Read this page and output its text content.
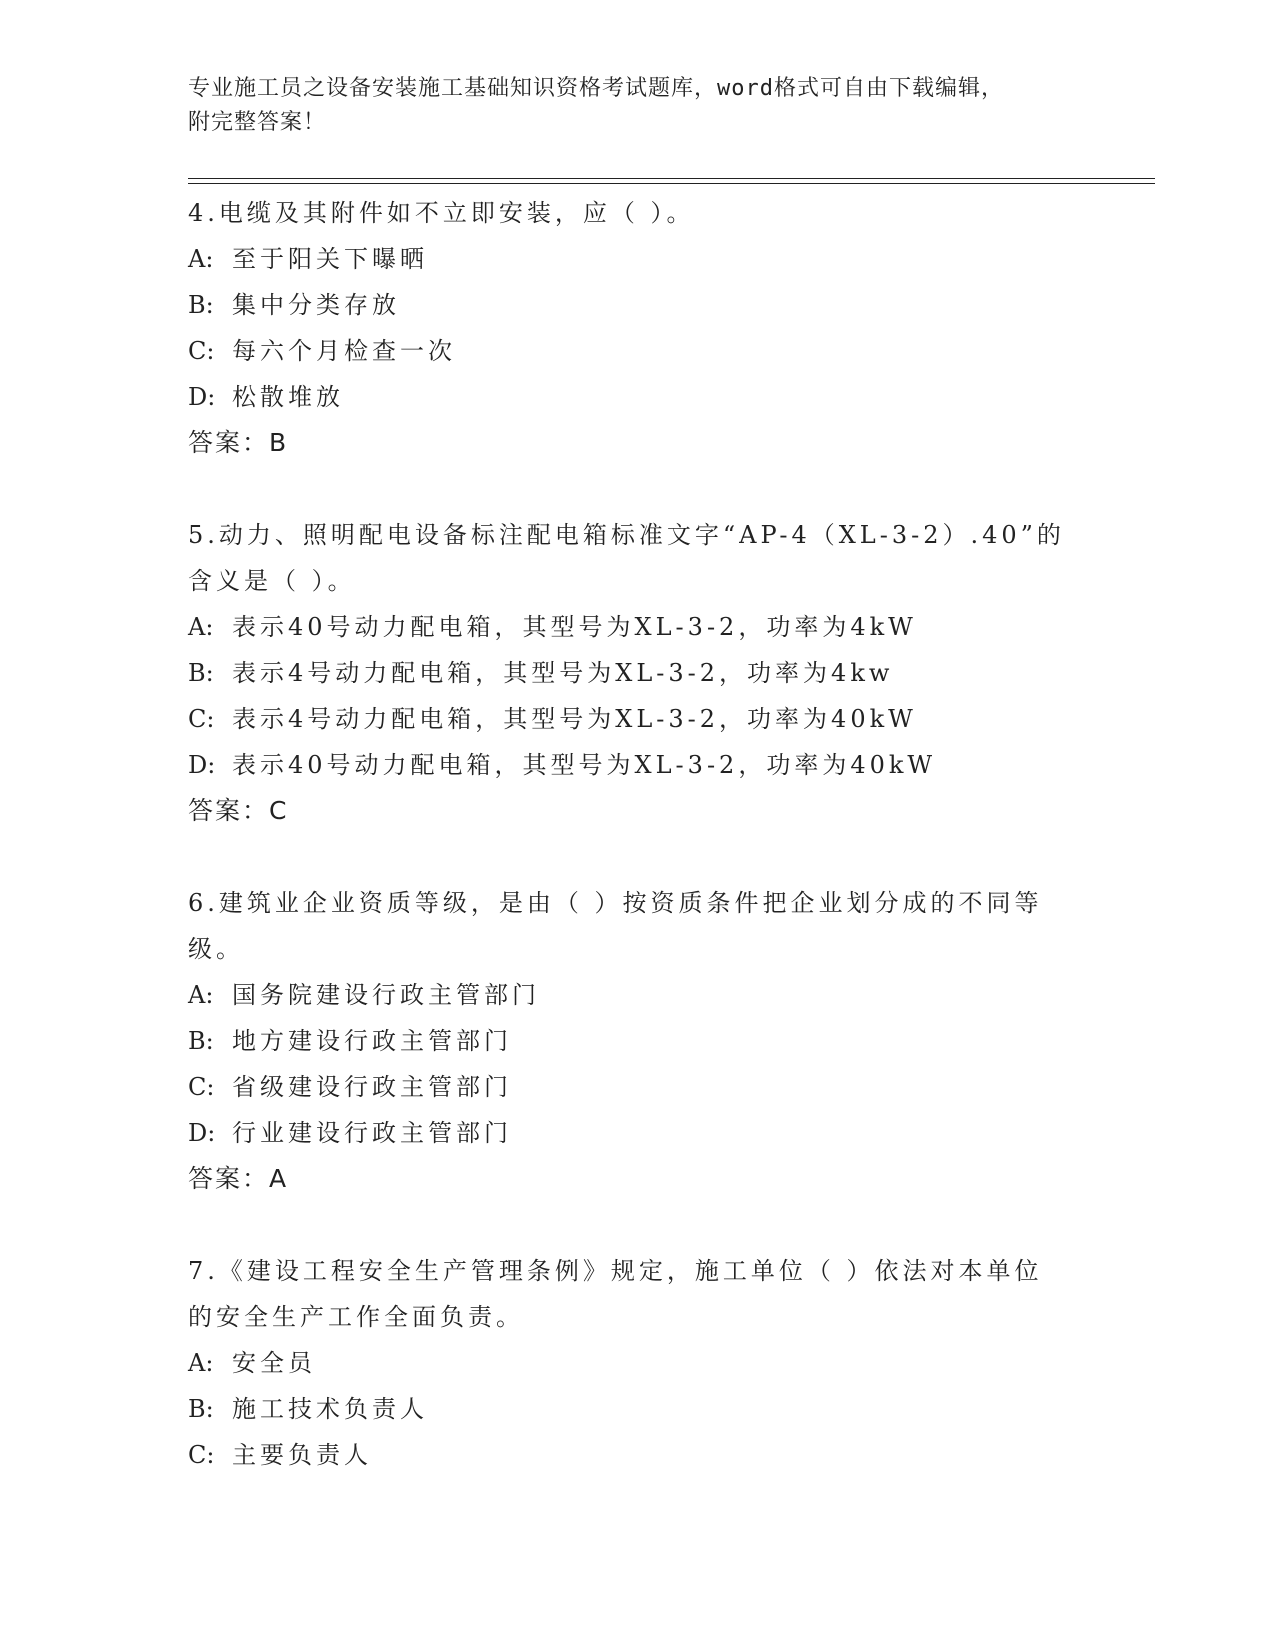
专业施工员之设备安装施工基础知识资格考试题库，word格式可自由下载编辑，
附完整答案！
4.电缆及其附件如不立即安装，应（ ）。
A: 至于阳关下曝晒
B: 集中分类存放
C: 每六个月检查一次
D: 松散堆放
答案：B
5.动力、照明配电设备标注配电箱标准文字“AP-4（XL-3-2）.40”的
含义是（ ）。
A: 表示40号动力配电箱，其型号为XL-3-2，功率为4kW
B: 表示4号动力配电箱，其型号为XL-3-2，功率为4kw
C: 表示4号动力配电箱，其型号为XL-3-2，功率为40kW
D: 表示40号动力配电箱，其型号为XL-3-2，功率为40kW
答案：C
6.建筑业企业资质等级，是由（ ）按资质条件把企业划分成的不同等
级。
A: 国务院建设行政主管部门
B: 地方建设行政主管部门
C: 省级建设行政主管部门
D: 行业建设行政主管部门
答案：A
7.《建设工程安全生产管理条例》规定，施工单位（ ）依法对本单位
的安全生产工作全面负责。
A: 安全员
B: 施工技术负责人
C: 主要负责人
